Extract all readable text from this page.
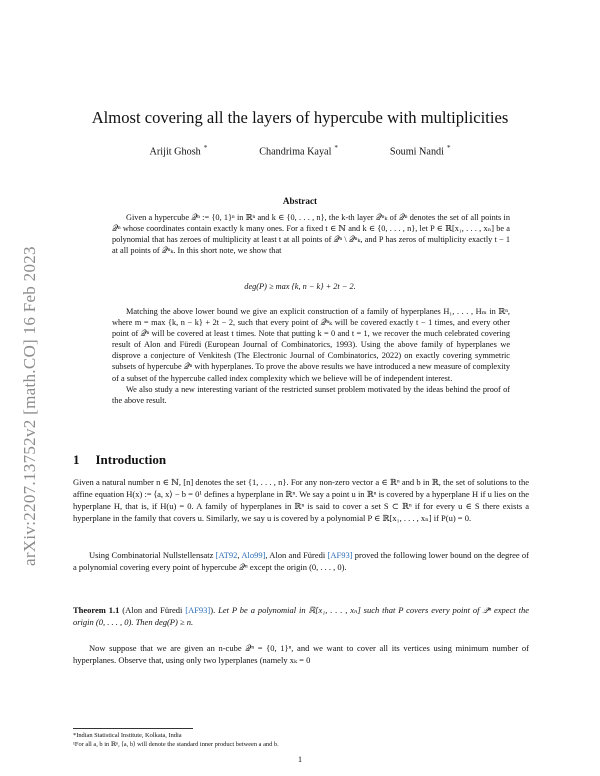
arXiv:2207.13752v2 [math.CO] 16 Feb 2023
Almost covering all the layers of hypercube with multiplicities
Arijit Ghosh *	Chandrima Kayal *	Soumi Nandi *
Abstract

Given a hypercube 𝒬ⁿ := {0, 1}ⁿ in ℝⁿ and k ∈ {0, . . . , n}, the k-th layer 𝒬ⁿₖ of 𝒬ⁿ denotes the set of all points in 𝒬ⁿ whose coordinates contain exactly k many ones. For a fixed t ∈ ℕ and k ∈ {0, . . . , n}, let P ∈ ℝ[x₁, . . . , xₙ] be a polynomial that has zeroes of multiplicity at least t at all points of 𝒬ⁿ \ 𝒬ⁿₖ, and P has zeros of multiplicity exactly t − 1 at all points of 𝒬ⁿₖ. In this short note, we show that

deg(P) ≥ max {k, n − k} + 2t − 2.

Matching the above lower bound we give an explicit construction of a family of hyperplanes H₁, . . . , Hₘ in ℝⁿ, where m = max {k, n − k} + 2t − 2, such that every point of 𝒬ⁿₖ will be covered exactly t − 1 times, and every other point of 𝒬ⁿ will be covered at least t times. Note that putting k = 0 and t = 1, we recover the much celebrated covering result of Alon and Füredi (European Journal of Combinatorics, 1993). Using the above family of hyperplanes we disprove a conjecture of Venkitesh (The Electronic Journal of Combinatorics, 2022) on exactly covering symmetric subsets of hypercube 𝒬ⁿ with hyperplanes. To prove the above results we have introduced a new measure of complexity of a subset of the hypercube called index complexity which we believe will be of independent interest.

We also study a new interesting variant of the restricted sunset problem motivated by the ideas behind the proof of the above result.

1 Introduction

Given a natural number n ∈ ℕ, [n] denotes the set {1, . . . , n}. For any non-zero vector a ∈ ℝⁿ and b in ℝ, the set of solutions to the affine equation H(x) := ⟨a, x⟩ − b = 0¹ defines a hyperplane in ℝⁿ. We say a point u in ℝⁿ is covered by a hyperplane H if u lies on the hyperplane H, that is, if H(u) = 0. A family of hyperplanes in ℝⁿ is said to cover a set S ⊂ ℝⁿ if for every u ∈ S there exists a hyperplane in the family that covers u. Similarly, we say u is covered by a polynomial P ∈ ℝ[x₁, . . . , xₙ] if P(u) = 0.

Using Combinatorial Nullstellensatz [AT92, Alo99], Alon and Füredi [AF93] proved the following lower bound on the degree of a polynomial covering every point of hypercube 𝒬ⁿ except the origin (0, . . . , 0).

Theorem 1.1 (Alon and Füredi [AF93]). Let P be a polynomial in ℝ[x₁, . . . , xₙ] such that P covers every point of 𝒬ⁿ expect the origin (0, . . . , 0). Then deg(P) ≥ n.

Now suppose that we are given an n-cube 𝒬ⁿ = {0, 1}ⁿ, and we want to cover all its vertices using minimum number of hyperplanes. Observe that, using only two lyperplanes (namely xₖ = 0

*Indian Statistical Institute, Kolkata, India
¹For all a, b in ℝⁿ, ⟨a, b⟩ will denote the standard inner product between a and b.
1
